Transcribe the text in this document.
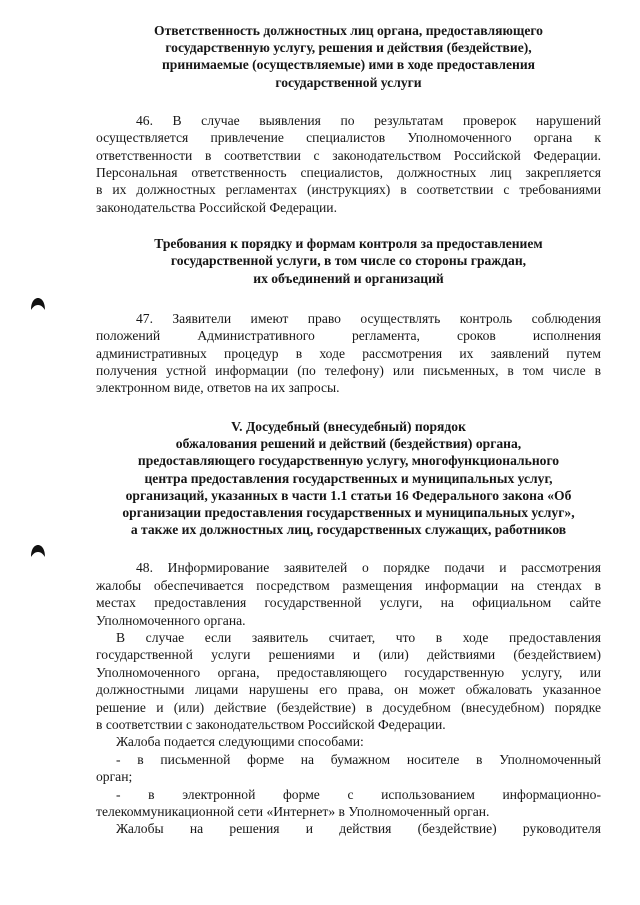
Ответственность должностных лиц органа, предоставляющего
государственную услугу, решения и действия (бездействие),
принимаемые (осуществляемые) ими в ходе предоставления
государственной услуги
46. В случае выявления по результатам проверок нарушений
осуществляется привлечение специалистов Уполномоченного органа к
ответственности в соответствии с законодательством Российской Федерации.
Персональная ответственность специалистов, должностных лиц закрепляется
в их должностных регламентах (инструкциях) в соответствии с требованиями
законодательства Российской Федерации.
Требования к порядку и формам контроля за предоставлением
государственной услуги, в том числе со стороны граждан,
их объединений и организаций
47. Заявители имеют право осуществлять контроль соблюдения
положений Административного регламента, сроков исполнения
административных процедур в ходе рассмотрения их заявлений путем
получения устной информации (по телефону) или письменных, в том числе в
электронном виде, ответов на их запросы.
V. Досудебный (внесудебный) порядок
обжалования решений и действий (бездействия) органа,
предоставляющего государственную услугу, многофункционального
центра предоставления государственных и муниципальных услуг,
организаций, указанных в части 1.1 статьи 16 Федерального закона «Об
организации предоставления государственных и муниципальных услуг»,
а также их должностных лиц, государственных служащих, работников
48. Информирование заявителей о порядке подачи и рассмотрения
жалобы обеспечивается посредством размещения информации на стендах в
местах предоставления государственной услуги, на официальном сайте
Уполномоченного органа.
В случае если заявитель считает, что в ходе предоставления
государственной услуги решениями и (или) действиями (бездействием)
Уполномоченного органа, предоставляющего государственную услугу, или
должностными лицами нарушены его права, он может обжаловать указанное
решение и (или) действие (бездействие) в досудебном (внесудебном) порядке
в соответствии с законодательством Российской Федерации.
Жалоба подается следующими способами:
- в письменной форме на бумажном носителе в Уполномоченный
орган;
- в электронной форме с использованием информационно-
телекоммуникационной сети «Интернет» в Уполномоченный орган.
Жалобы на решения и действия (бездействие) руководителя
